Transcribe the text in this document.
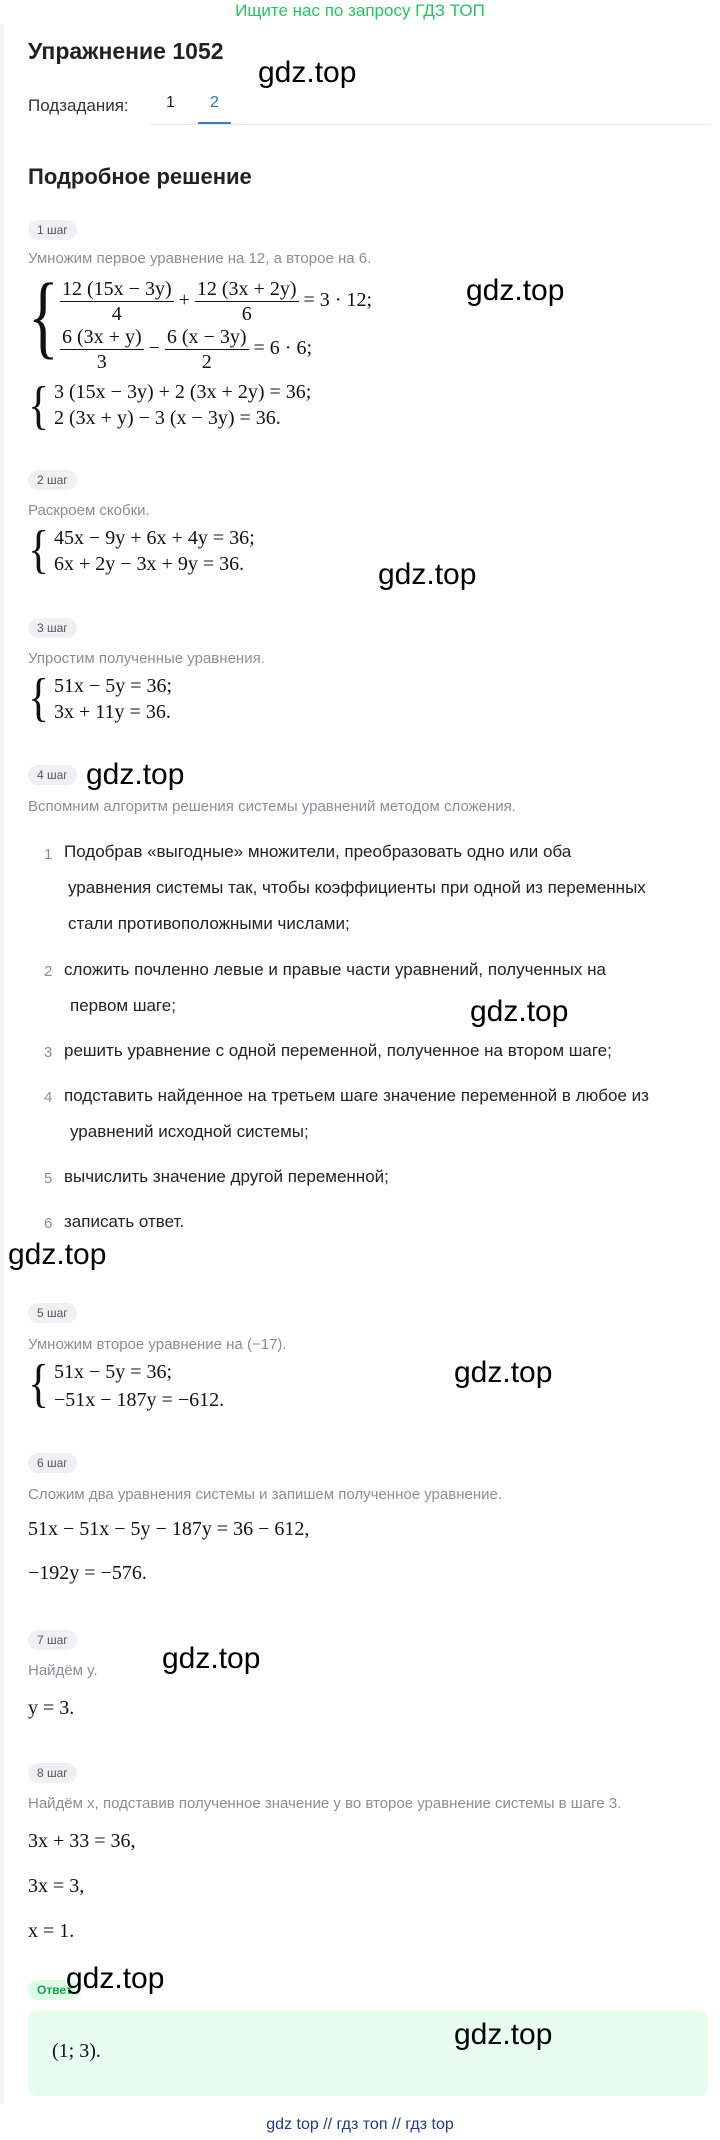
Ищите нас по запросу ГДЗ ТОП
Упражнение 1052
Подзадания: 1	2
Подробное решение
1 шаг
Умножим первое уравнение на 12, а второе на 6.
{ $\frac{12 (15x - 3y)}{4} + \frac{12 (3x + 2y)}{6} = 3 \cdot 12$;
$\frac{6 (3x + y)}{3} - \frac{6 (x - 3y)}{2} = 6 \cdot 6$;
{ 3 (15x − 3y) + 2 (3x + 2y) = 36;
2 (3x + y) − 3 (x − 3y) = 36.
2 шаг
Раскроем скобки.
{ 45x − 9y + 6x + 4y = 36;
6x + 2y − 3x + 9y = 36.
3 шаг
Упростим полученные уравнения.
{ 51x − 5y = 36;
3x + 11y = 36.
4 шаг
Вспомним алгоритм решения системы уравнений методом сложения.
1 Подобрав «выгодные» множители, преобразовать одно или оба
уравнения системы так, чтобы коэффициенты при одной из переменных
стали противоположными числами;
2 сложить почленно левые и правые части уравнений, полученных на
первом шаге;
3 решить уравнение с одной переменной, полученное на втором шаге;
4 подставить найденное на третьем шаге значение переменной в любое из
уравнений исходной системы;
5 вычислить значение другой переменной;
6 записать ответ.
5 шаг
Умножим второе уравнение на (−17).
{ 51x − 5y = 36;
−51x − 187y = −612.
6 шаг
Сложим два уравнения системы и запишем полученное уравнение.
51x − 51x − 5y − 187y = 36 − 612,
−192y = −576.
7 шаг
Найдём y.
y = 3.
8 шаг
Найдём x, подставив полученное значение y во второе уравнение системы в шаге 3.
3x + 33 = 36,
3x = 3,
x = 1.
Ответ
(1; 3).
gdz.top
gdz.top
gdz.top
gdz.top
gdz.top
gdz.top
gdz.top
gdz.top
gdz.top
gdz.top
gdz top // гдз топ // гдз top
